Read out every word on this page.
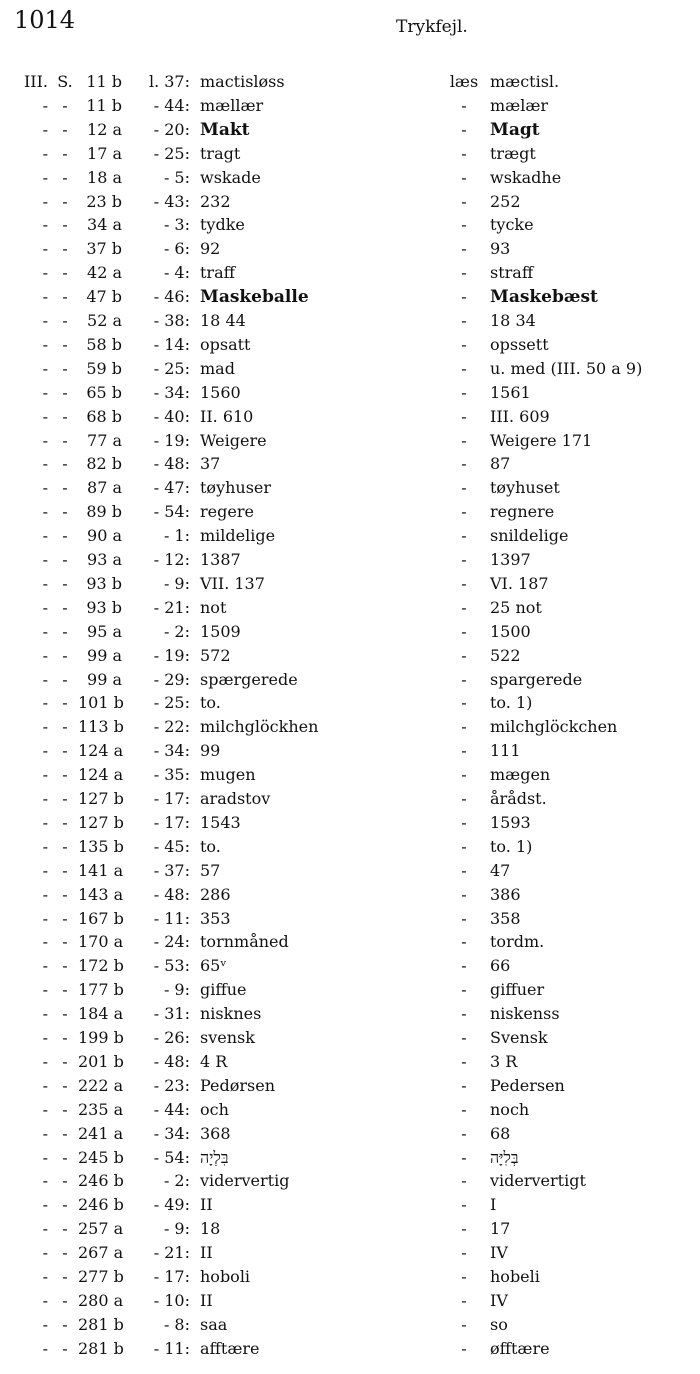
1014	Trykfejl.
III. S. 11 b	l. 37: mactisløss	læs mæctisl.
- -	11 b	- 44: mællær	-	mælær
- -	12 a	- 20: Makt	-	Magt
- -	17 a	- 25: tragt	-	trægt
- -	18 a	- 5: wskade	-	wskadhe
- -	23 b	- 43: 232	-	252
- -	34 a	- 3: tydke	-	tycke
- -	37 b	- 6: 92	-	93
- -	42 a	- 4: traff	-	straff
- -	47 b	- 46: Maskeballe	-	Maskebæst
- -	52 a	- 38: 18 44	-	18 34
- -	58 b	- 14: opsatt	-	opssett
- -	59 b	- 25: mad	-	u. med (III. 50 a 9)
- -	65 b	- 34: 1560	-	1561
- -	68 b	- 40: II. 610	-	III. 609
- -	77 a	- 19: Weigere	-	Weigere 171
- -	82 b	- 48: 37	-	87
- -	87 a	- 47: tøyhuser	-	tøyhuset
- -	89 b	- 54: regere	-	regnere
- -	90 a	- 1: mildelige	-	snildelige
- -	93 a	- 12: 1387	-	1397
- -	93 b	- 9: VII. 137	-	VI. 187
- -	93 b	- 21: not	-	25 not
- -	95 a	- 2: 1509	-	1500
- -	99 a	- 19: 572	-	522
- -	99 a	- 29: spærgerede	-	spargerede
- - 101 b	- 25: to.	-	to. 1)
- - 113 b	- 22: milchglöckhen	-	milchglöckchen
- - 124 a	- 34: 99	-	111
- - 124 a	- 35: mugen	-	mægen
- - 127 b	- 17: aradstov	-	årådst.
- - 127 b	- 17: 1543	-	1593
- - 135 b	- 45: to.	-	to. 1)
- - 141 a	- 37: 57	-	47
- - 143 a	- 48: 286	-	386
- - 167 b	- 11: 353	-	358
- - 170 a	- 24: tornmåned	-	tordm.
- - 172 b	- 53: 65ᵛ	-	66
- - 177 b	- 9: giffue	-	giffuer
- - 184 a	- 31: nisknes	-	niskenss
- - 199 b	- 26: svensk	-	Svensk
- - 201 b	- 48: 4 R	-	3 R
- - 222 a	- 23: Pedørsen	-	Pedersen
- - 235 a	- 44: och	-	noch
- - 241 a	- 34: 368	-	68
- - 245 b	- 54: בִּלְיָה	-	בְּלִיָּה
- - 246 b	- 2: vidervertig	-	vidervertigt
- - 246 b	- 49: II	-	I
- - 257 a	- 9: 18	-	17
- - 267 a	- 21: II	-	IV
- - 277 b	- 17: hoboli	-	hobeli
- - 280 a	- 10: II	-	IV
- - 281 b	- 8: saa	-	so
- - 281 b	- 11: afftære	-	øfftære
